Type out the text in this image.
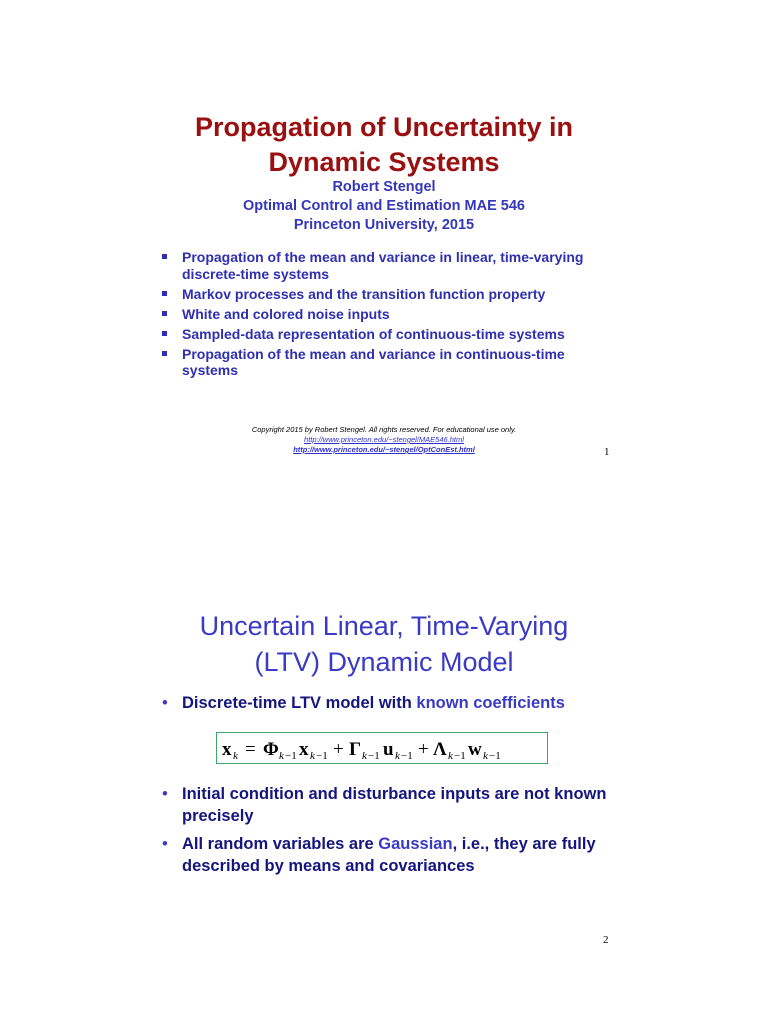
Propagation of Uncertainty in
Dynamic Systems
Robert Stengel
Optimal Control and Estimation MAE 546
Princeton University, 2015
Propagation of the mean and variance in linear, time-varying discrete-time systems
Markov processes and the transition function property
White and colored noise inputs
Sampled-data representation of continuous-time systems
Propagation of the mean and variance in continuous-time systems
Copyright 2015 by Robert Stengel. All rights reserved. For educational use only.
http://www.princeton.edu/~stengel/MAE546.html
http://www.princeton.edu/~stengel/OptConEst.html	1
Uncertain Linear, Time-Varying
(LTV) Dynamic Model
• Discrete-time LTV model with known coefficients
x k = Φ k −1 x k −1 + Γ k −1 u k −1 + Λ k −1 w k −1
• Initial condition and disturbance inputs are not known precisely
• All random variables are Gaussian, i.e., they are fully described by means and covariances
2
